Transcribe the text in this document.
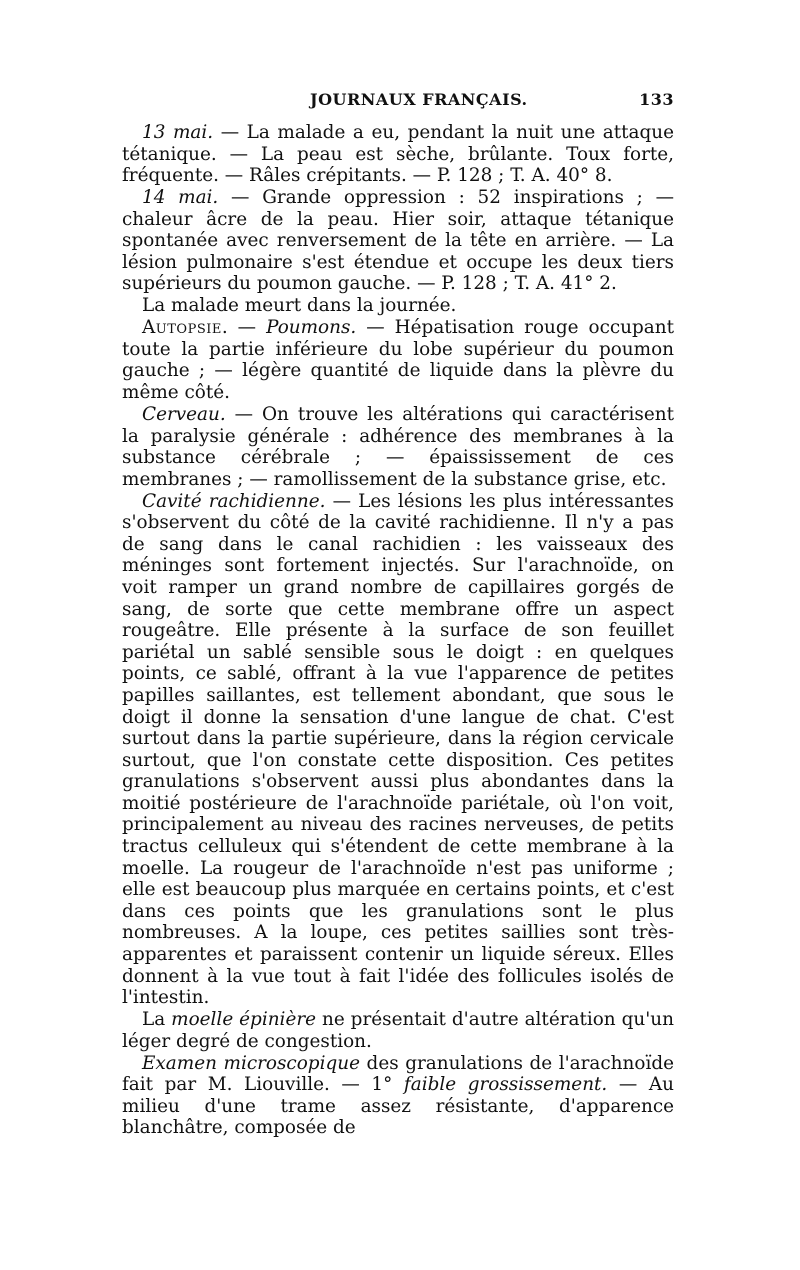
JOURNAUX FRANÇAIS.	133

13 mai. — La malade a eu, pendant la nuit une attaque tétanique. — La peau est sèche, brûlante. Toux forte, fréquente. — Râles crépitants. — P. 128 ; T. A. 40° 8.

14 mai. — Grande oppression : 52 inspirations ; — chaleur âcre de la peau. Hier soir, attaque tétanique spontanée avec renversement de la tête en arrière. — La lésion pulmonaire s'est étendue et occupe les deux tiers supérieurs du poumon gauche. — P. 128 ; T. A. 41° 2.

La malade meurt dans la journée.

Autopsie. — Poumons. — Hépatisation rouge occupant toute la partie inférieure du lobe supérieur du poumon gauche ; — légère quantité de liquide dans la plèvre du même côté.

Cerveau. — On trouve les altérations qui caractérisent la paralysie générale : adhérence des membranes à la substance cérébrale ; — épaississement de ces membranes ; — ramollissement de la substance grise, etc.

Cavité rachidienne. — Les lésions les plus intéressantes s'observent du côté de la cavité rachidienne. Il n'y a pas de sang dans le canal rachidien : les vaisseaux des méninges sont fortement injectés. Sur l'arachnoïde, on voit ramper un grand nombre de capillaires gorgés de sang, de sorte que cette membrane offre un aspect rougeâtre. Elle présente à la surface de son feuillet pariétal un sablé sensible sous le doigt : en quelques points, ce sablé, offrant à la vue l'apparence de petites papilles saillantes, est tellement abondant, que sous le doigt il donne la sensation d'une langue de chat. C'est surtout dans la partie supérieure, dans la région cervicale surtout, que l'on constate cette disposition. Ces petites granulations s'observent aussi plus abondantes dans la moitié postérieure de l'arachnoïde pariétale, où l'on voit, principalement au niveau des racines nerveuses, de petits tractus celluleux qui s'étendent de cette membrane à la moelle. La rougeur de l'arachnoïde n'est pas uniforme ; elle est beaucoup plus marquée en certains points, et c'est dans ces points que les granulations sont le plus nombreuses. A la loupe, ces petites saillies sont très-apparentes et paraissent contenir un liquide séreux. Elles donnent à la vue tout à fait l'idée des follicules isolés de l'intestin.

La moelle épinière ne présentait d'autre altération qu'un léger degré de congestion.

Examen microscopique des granulations de l'arachnoïde fait par M. Liouville. — 1° faible grossissement. — Au milieu d'une trame assez résistante, d'apparence blanchâtre, composée de
